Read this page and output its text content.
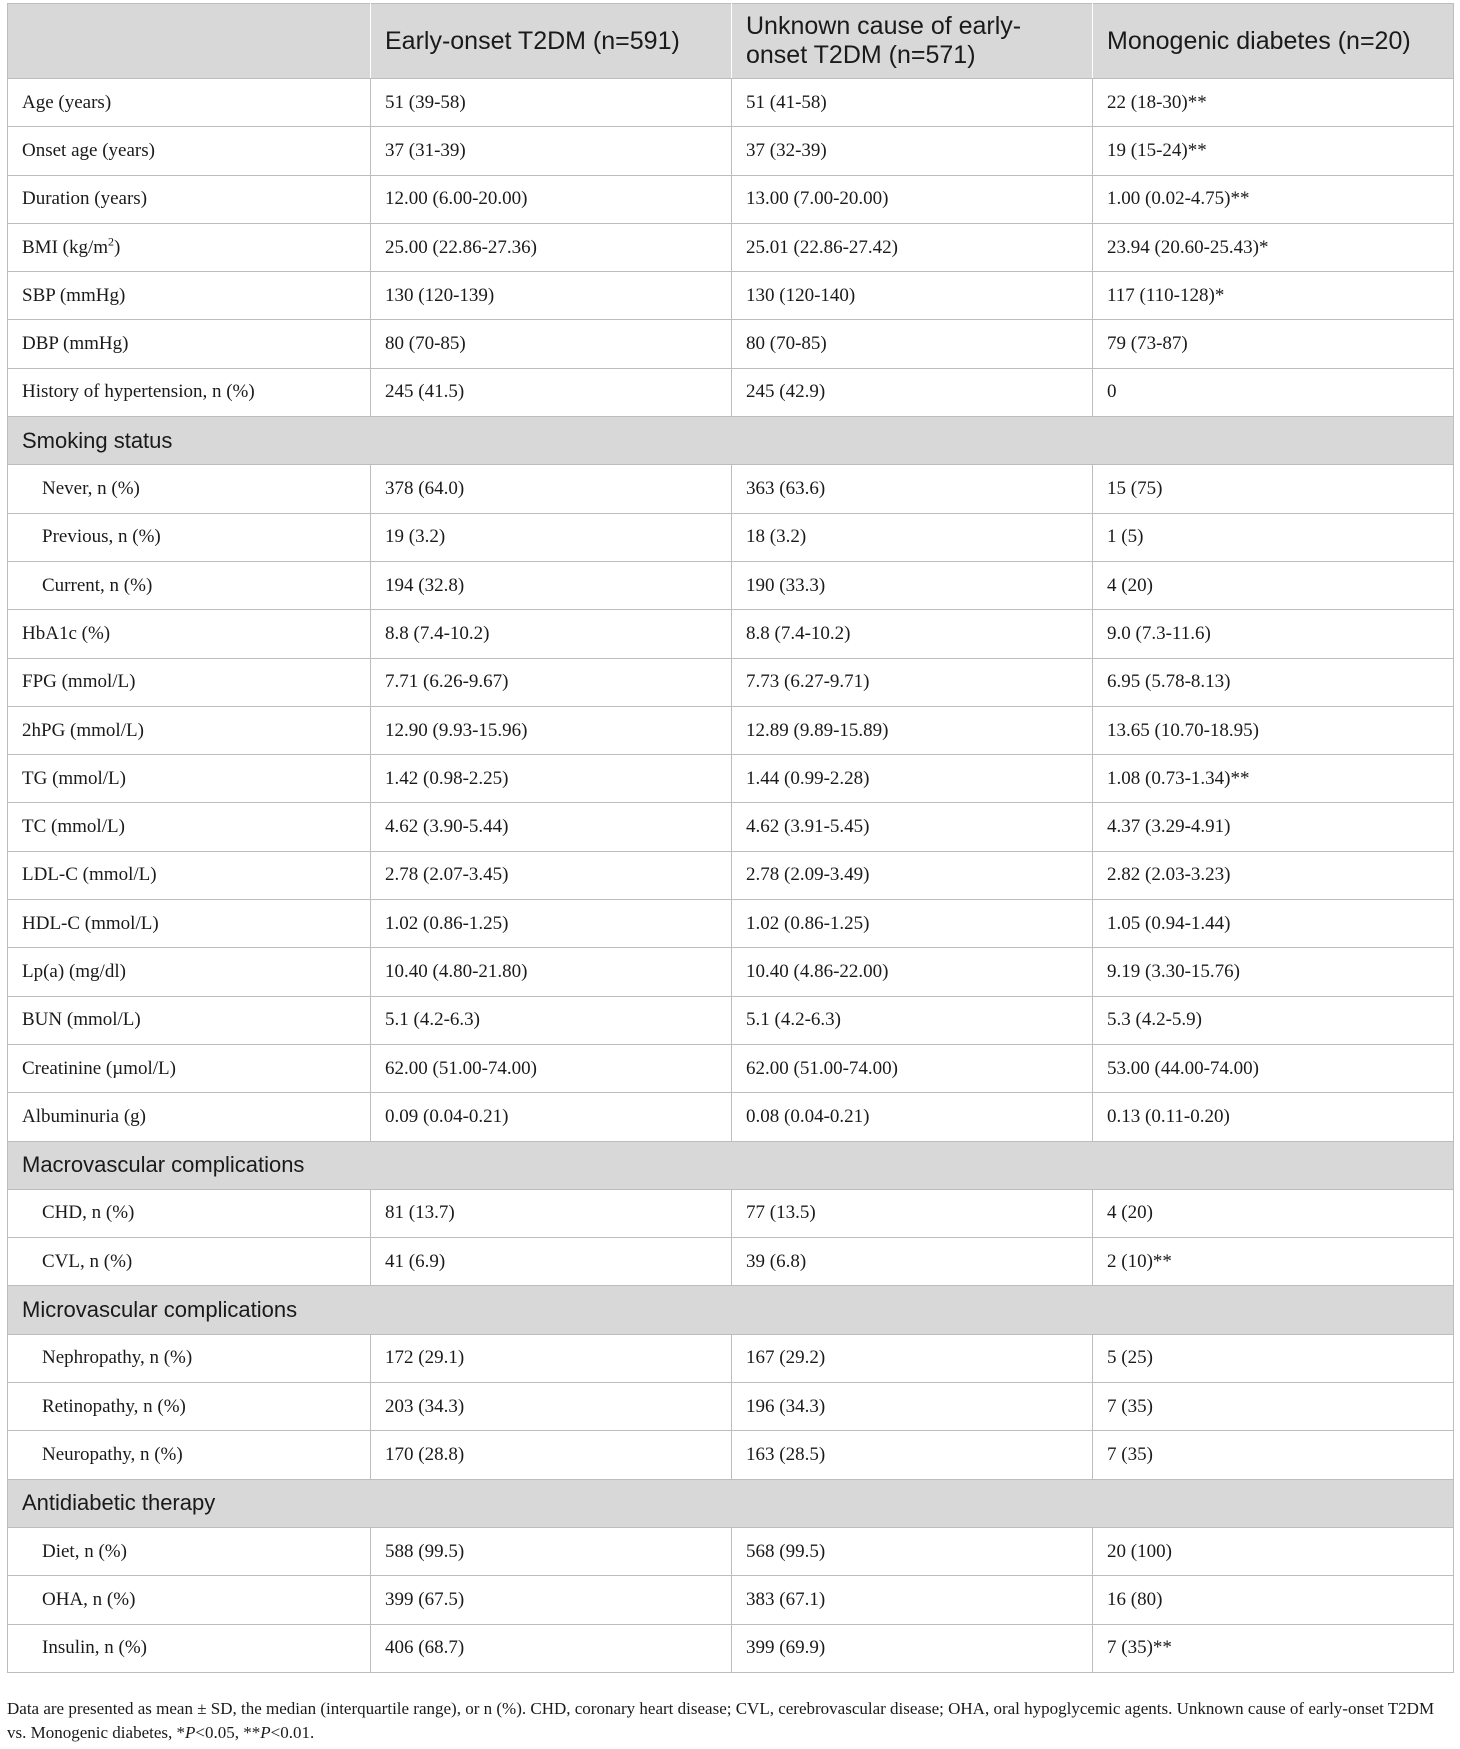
	Early-onset T2DM (n=591)	Unknown cause of early-onset T2DM (n=571)	Monogenic diabetes (n=20)
Age (years)	51 (39-58)	51 (41-58)	22 (18-30)**
Onset age (years)	37 (31-39)	37 (32-39)	19 (15-24)**
Duration (years)	12.00 (6.00-20.00)	13.00 (7.00-20.00)	1.00 (0.02-4.75)**
BMI $(kg/m^2)$	25.00 (22.86-27.36)	25.01 (22.86-27.42)	23.94 (20.60-25.43)*
SBP (mmHg)	130 (120-139)	130 (120-140)	117 (110-128)*
DBP (mmHg)	80 (70-85)	80 (70-85)	79 (73-87)
History of hypertension, n (%)	245 (41.5)	245 (42.9)	0
Smoking status			
Never, n (%)	378 (64.0)	363 (63.6)	15 (75)
Previous, n (%)	19 (3.2)	18 (3.2)	1 (5)
Current, n (%)	194 (32.8)	190 (33.3)	4 (20)
HbA1c (%)	8.8 (7.4-10.2)	8.8 (7.4-10.2)	9.0 (7.3-11.6)
FPG (mmol/L)	7.71 (6.26-9.67)	7.73 (6.27-9.71)	6.95 (5.78-8.13)
2hPG (mmol/L)	12.90 (9.93-15.96)	12.89 (9.89-15.89)	13.65 (10.70-18.95)
TG (mmol/L)	1.42 (0.98-2.25)	1.44 (0.99-2.28)	1.08 (0.73-1.34)**
TC (mmol/L)	4.62 (3.90-5.44)	4.62 (3.91-5.45)	4.37 (3.29-4.91)
LDL-C (mmol/L)	2.78 (2.07-3.45)	2.78 (2.09-3.49)	2.82 (2.03-3.23)
HDL-C (mmol/L)	1.02 (0.86-1.25)	1.02 (0.86-1.25)	1.05 (0.94-1.44)
Lp(a) (mg/dl)	10.40 (4.80-21.80)	10.40 (4.86-22.00)	9.19 (3.30-15.76)
BUN (mmol/L)	5.1 (4.2-6.3)	5.1 (4.2-6.3)	5.3 (4.2-5.9)
Creatinine (µmol/L)	62.00 (51.00-74.00)	62.00 (51.00-74.00)	53.00 (44.00-74.00)
Albuminuria (g)	0.09 (0.04-0.21)	0.08 (0.04-0.21)	0.13 (0.11-0.20)
Macrovascular complications			
CHD, n (%)	81 (13.7)	77 (13.5)	4 (20)
CVL, n (%)	41 (6.9)	39 (6.8)	2 (10)**
Microvascular complications			
Nephropathy, n (%)	172 (29.1)	167 (29.2)	5 (25)
Retinopathy, n (%)	203 (34.3)	196 (34.3)	7 (35)
Neuropathy, n (%)	170 (28.8)	163 (28.5)	7 (35)
Antidiabetic therapy			
Diet, n (%)	588 (99.5)	568 (99.5)	20 (100)
OHA, n (%)	399 (67.5)	383 (67.1)	16 (80)
Insulin, n (%)	406 (68.7)	399 (69.9)	7 (35)**
Data are presented as mean ± SD, the median (interquartile range), or n (%). CHD, coronary heart disease; CVL, cerebrovascular disease; OHA, oral hypoglycemic agents. Unknown cause of early-onset T2DM vs. Monogenic diabetes, *P<0.05, **P<0.01.
